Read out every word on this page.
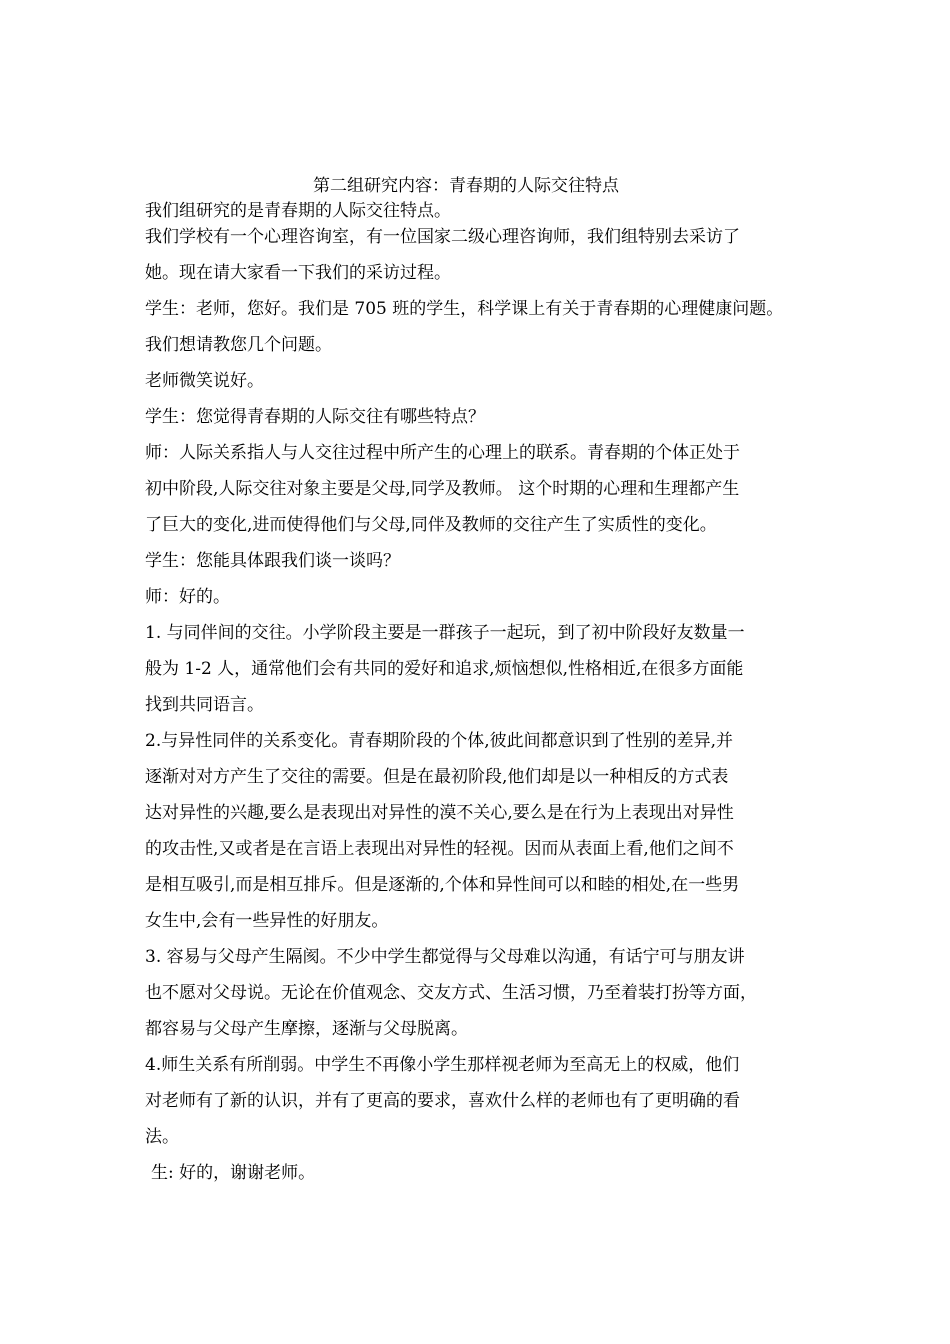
第二组研究内容：青春期的人际交往特点
我们组研究的是青春期的人际交往特点。
我们学校有一个心理咨询室，有一位国家二级心理咨询师，我们组特别去采访了
她。现在请大家看一下我们的采访过程。
学生：老师，您好。我们是 705 班的学生，科学课上有关于青春期的心理健康问题。
我们想请教您几个问题。
老师微笑说好。
学生：您觉得青春期的人际交往有哪些特点？
师：人际关系指人与人交往过程中所产生的心理上的联系。青春期的个体正处于
初中阶段,人际交往对象主要是父母,同学及教师。 这个时期的心理和生理都产生
了巨大的变化,进而使得他们与父母,同伴及教师的交往产生了实质性的变化。
学生：您能具体跟我们谈一谈吗？
师：好的。
1. 与同伴间的交往。小学阶段主要是一群孩子一起玩，到了初中阶段好友数量一
般为 1-2 人，通常他们会有共同的爱好和追求,烦恼想似,性格相近,在很多方面能
找到共同语言。
2.与异性同伴的关系变化。青春期阶段的个体,彼此间都意识到了性别的差异,并
逐渐对对方产生了交往的需要。但是在最初阶段,他们却是以一种相反的方式表
达对异性的兴趣,要么是表现出对异性的漠不关心,要么是在行为上表现出对异性
的攻击性,又或者是在言语上表现出对异性的轻视。因而从表面上看,他们之间不
是相互吸引,而是相互排斥。但是逐渐的,个体和异性间可以和睦的相处,在一些男
女生中,会有一些异性的好朋友。
3. 容易与父母产生隔阂。不少中学生都觉得与父母难以沟通，有话宁可与朋友讲
也不愿对父母说。无论在价值观念、交友方式、生活习惯，乃至着装打扮等方面，
都容易与父母产生摩擦，逐渐与父母脱离。
4.师生关系有所削弱。中学生不再像小学生那样视老师为至高无上的权威，他们
对老师有了新的认识，并有了更高的要求，喜欢什么样的老师也有了更明确的看
法。
生: 好的，谢谢老师。
